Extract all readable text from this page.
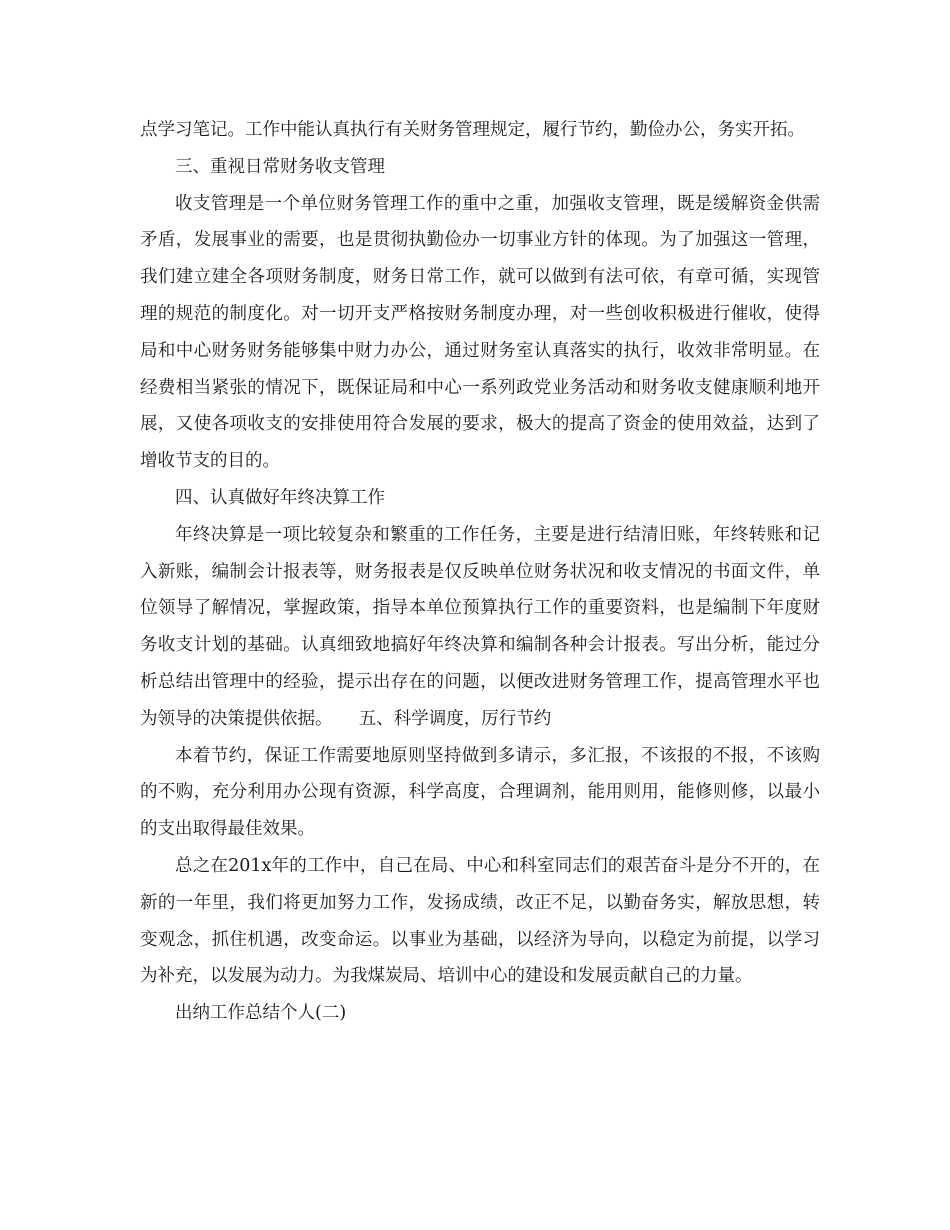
点学习笔记。工作中能认真执行有关财务管理规定，履行节约，勤俭办公，务实开拓。

三、重视日常财务收支管理

收支管理是一个单位财务管理工作的重中之重，加强收支管理，既是缓解资金供需矛盾，发展事业的需要，也是贯彻执勤俭办一切事业方针的体现。为了加强这一管理，我们建立建全各项财务制度，财务日常工作，就可以做到有法可依，有章可循，实现管理的规范的制度化。对一切开支严格按财务制度办理，对一些创收积极进行催收，使得局和中心财务财务能够集中财力办公，通过财务室认真落实的执行，收效非常明显。在经费相当紧张的情况下，既保证局和中心一系列政党业务活动和财务收支健康顺利地开展，又使各项收支的安排使用符合发展的要求，极大的提高了资金的使用效益，达到了增收节支的目的。

四、认真做好年终决算工作

年终决算是一项比较复杂和繁重的工作任务，主要是进行结清旧账，年终转账和记入新账，编制会计报表等，财务报表是仅反映单位财务状况和收支情况的书面文件，单位领导了解情况，掌握政策，指导本单位预算执行工作的重要资料，也是编制下年度财务收支计划的基础。认真细致地搞好年终决算和编制各种会计报表。写出分析，能过分析总结出管理中的经验，提示出存在的问题，以便改进财务管理工作，提高管理水平也为领导的决策提供依据。　　五、科学调度，厉行节约

本着节约，保证工作需要地原则坚持做到多请示，多汇报，不该报的不报，不该购的不购，充分利用办公现有资源，科学高度，合理调剂，能用则用，能修则修，以最小的支出取得最佳效果。

总之在201x年的工作中，自己在局、中心和科室同志们的艰苦奋斗是分不开的，在新的一年里，我们将更加努力工作，发扬成绩，改正不足，以勤奋务实，解放思想，转变观念，抓住机遇，改变命运。以事业为基础，以经济为导向，以稳定为前提，以学习为补充，以发展为动力。为我煤炭局、培训中心的建设和发展贡献自己的力量。

出纳工作总结个人(二)
